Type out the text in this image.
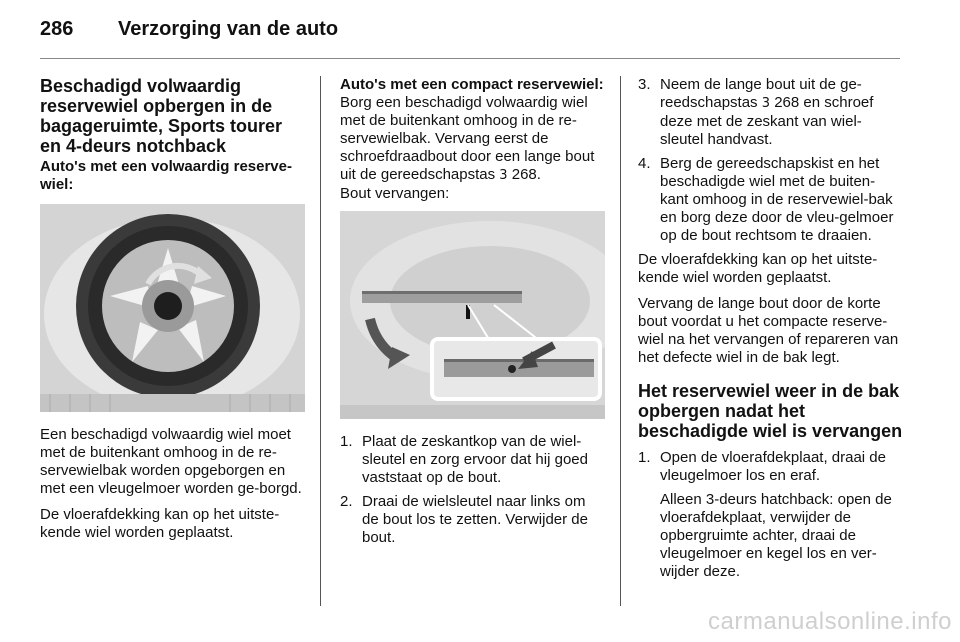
286 Verzorging van de auto
Beschadigd volwaardig reservewiel opbergen in de bagageruimte, Sports tourer en 4-deurs notchback
Auto's met een volwaardig reserve-wiel:

Een beschadigd volwaardig wiel moet met de buitenkant omhoog in de re-servewielbak worden opgeborgen en met een vleugelmoer worden ge-borgd.

De vloerafdekking kan op het uitste-kende wiel worden geplaatst.

Auto's met een compact reservewiel:

Borg een beschadigd volwaardig wiel met de buitenkant omhoog in de re-servewielbak. Vervang eerst de schroefdraadbout door een lange bout uit de gereedschapstas 3 268.
Bout vervangen:

1. Plaat de zeskantkop van de wiel-sleutel en zorg ervoor dat hij goed vaststaat op de bout.
2. Draai de wielsleutel naar links om de bout los te zetten. Verwijder de bout.
3. Neem de lange bout uit de ge-reedschapstas 3 268 en schroef deze met de zeskant van wiel-sleutel handvast.
4. Berg de gereedschapskist en het beschadigde wiel met de buiten-kant omhoog in de reservewiel-bak en borg deze door de vleu-gelmoer op de bout rechtsom te draaien.

De vloerafdekking kan op het uitste-kende wiel worden geplaatst.

Vervang de lange bout door de korte bout voordat u het compacte reserve-wiel na het vervangen of repareren van het defecte wiel in de bak legt.

Het reservewiel weer in de bak opbergen nadat het beschadigde wiel is vervangen
1. Open de vloerafdekplaat, draai de vleugelmoer los en eraf.
Alleen 3-deurs hatchback: open de vloerafdekplaat, verwijder de opbergruimte achter, draai de vleugelmoer en kegel los en ver-wijder deze.
carmanualsonline.info
